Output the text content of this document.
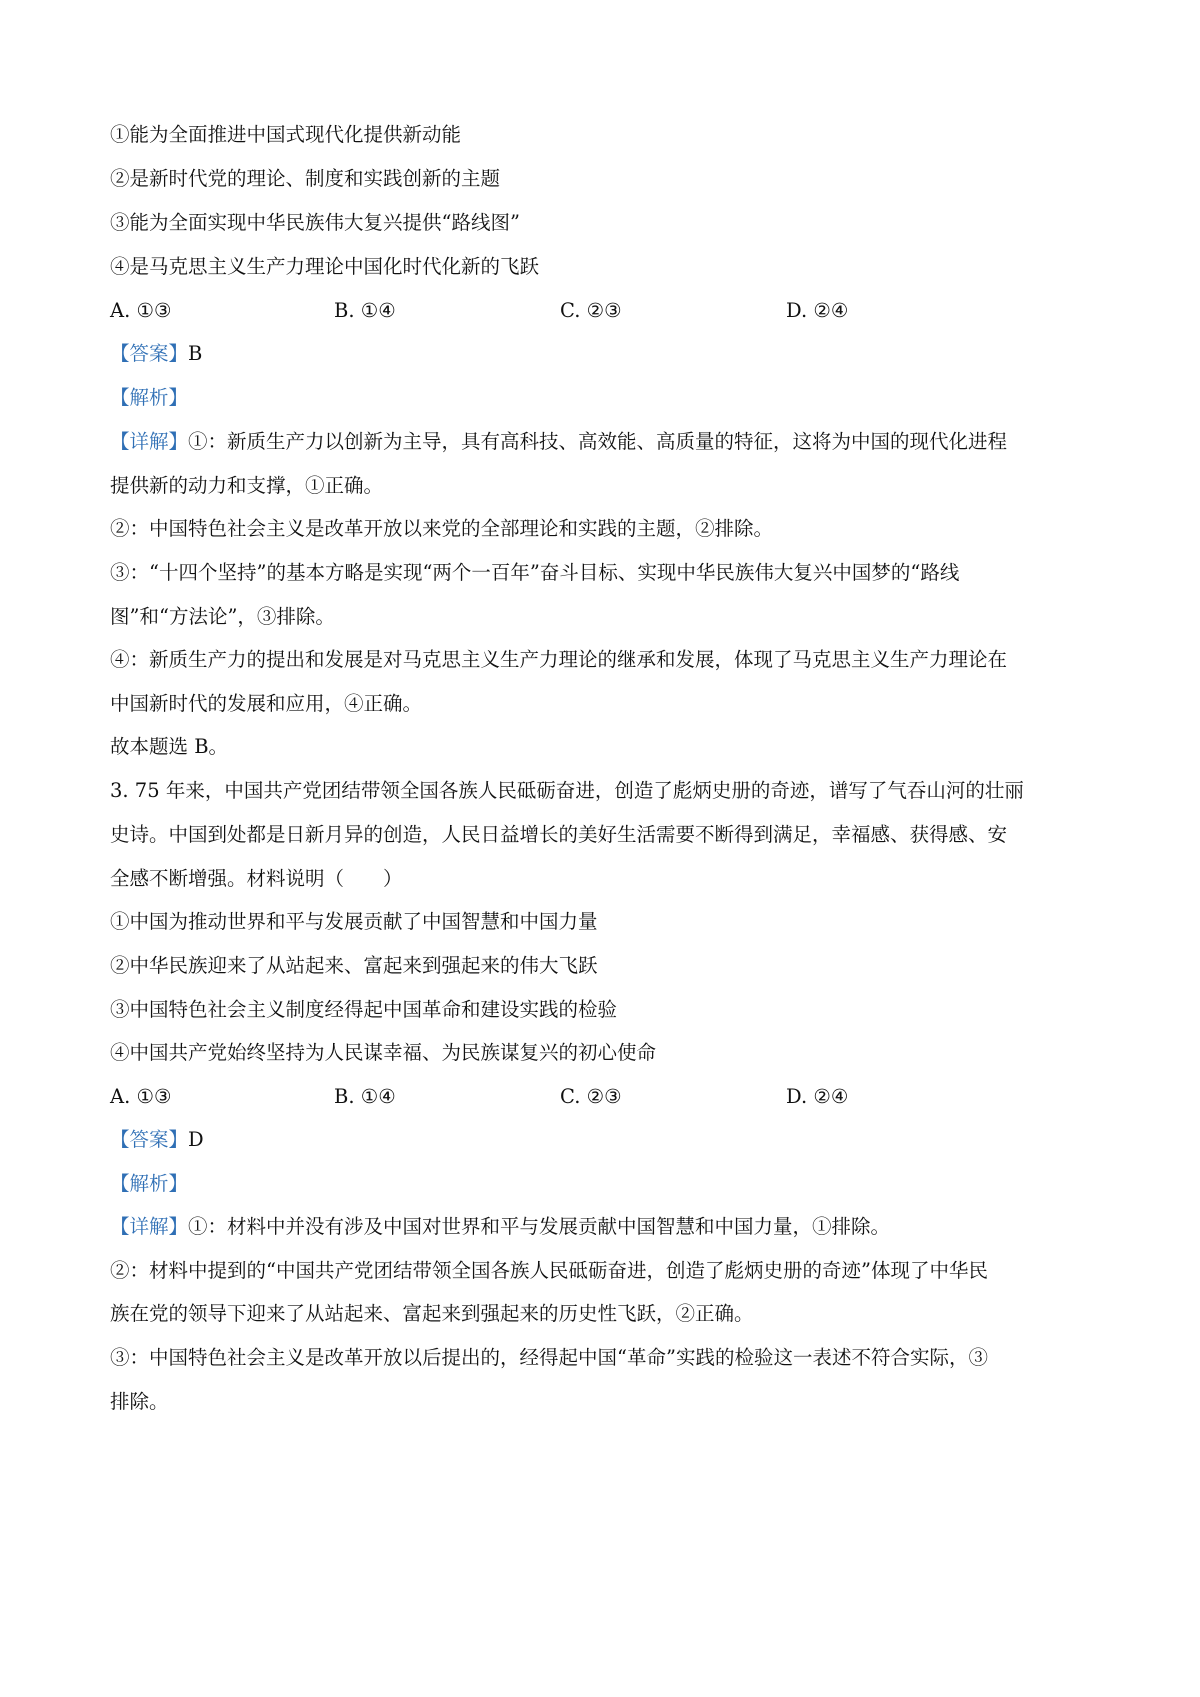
①能为全面推进中国式现代化提供新动能
②是新时代党的理论、制度和实践创新的主题
③能为全面实现中华民族伟大复兴提供“路线图”
④是马克思主义生产力理论中国化时代化新的飞跃
A. ①③	B. ①④	C. ②③	D. ②④
【答案】B
【解析】
【详解】①：新质生产力以创新为主导，具有高科技、高效能、高质量的特征，这将为中国的现代化进程
提供新的动力和支撑，①正确。
②：中国特色社会主义是改革开放以来党的全部理论和实践的主题，②排除。
③：“十四个坚持”的基本方略是实现“两个一百年”奋斗目标、实现中华民族伟大复兴中国梦的“路线
图”和“方法论”，③排除。
④：新质生产力的提出和发展是对马克思主义生产力理论的继承和发展，体现了马克思主义生产力理论在
中国新时代的发展和应用，④正确。
故本题选 B。
3. 75 年来，中国共产党团结带领全国各族人民砥砺奋进，创造了彪炳史册的奇迹，谱写了气吞山河的壮丽
史诗。中国到处都是日新月异的创造，人民日益增长的美好生活需要不断得到满足，幸福感、获得感、安
全感不断增强。材料说明（　　）
①中国为推动世界和平与发展贡献了中国智慧和中国力量
②中华民族迎来了从站起来、富起来到强起来的伟大飞跃
③中国特色社会主义制度经得起中国革命和建设实践的检验
④中国共产党始终坚持为人民谋幸福、为民族谋复兴的初心使命
A. ①③	B. ①④	C. ②③	D. ②④
【答案】D
【解析】
【详解】①：材料中并没有涉及中国对世界和平与发展贡献中国智慧和中国力量，①排除。
②：材料中提到的“中国共产党团结带领全国各族人民砥砺奋进，创造了彪炳史册的奇迹”体现了中华民
族在党的领导下迎来了从站起来、富起来到强起来的历史性飞跃，②正确。
③：中国特色社会主义是改革开放以后提出的，经得起中国“革命”实践的检验这一表述不符合实际，③
排除。
